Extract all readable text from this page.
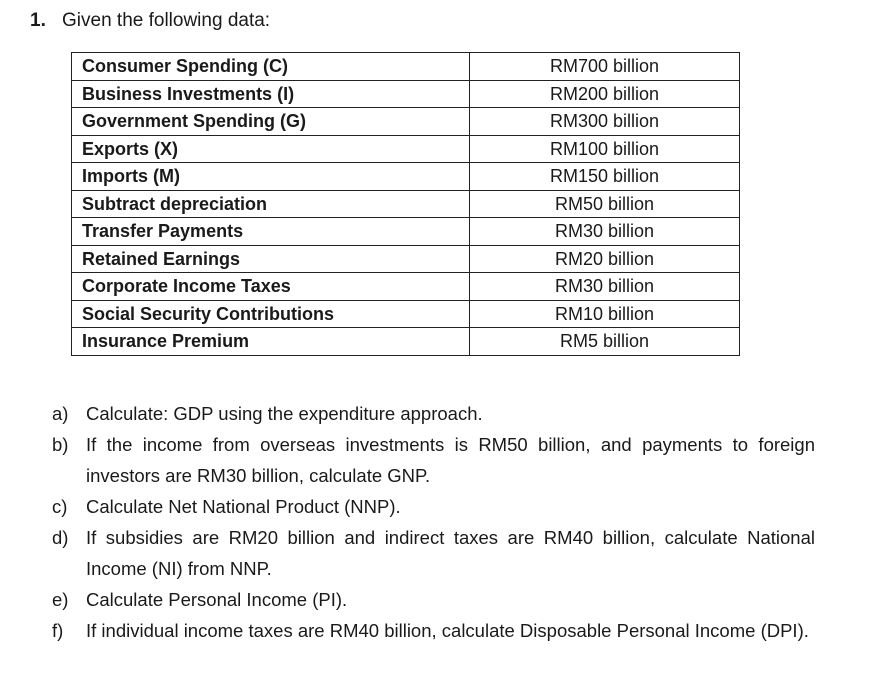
1. Given the following data:
Consumer Spending (C)	RM700 billion
Business Investments (I)	RM200 billion
Government Spending (G)	RM300 billion
Exports (X)	RM100 billion
Imports (M)	RM150 billion
Subtract depreciation	RM50 billion
Transfer Payments	RM30 billion
Retained Earnings	RM20 billion
Corporate Income Taxes	RM30 billion
Social Security Contributions	RM10 billion
Insurance Premium	RM5 billion
a) Calculate: GDP using the expenditure approach.
b) If the income from overseas investments is RM50 billion, and payments to foreign investors are RM30 billion, calculate GNP.
c)	Calculate Net National Product (NNP).
d) If subsidies are RM20 billion and indirect taxes are RM40 billion, calculate National Income (NI) from NNP.
e) Calculate Personal Income (PI).
f)	If individual income taxes are RM40 billion, calculate Disposable Personal Income (DPI).
